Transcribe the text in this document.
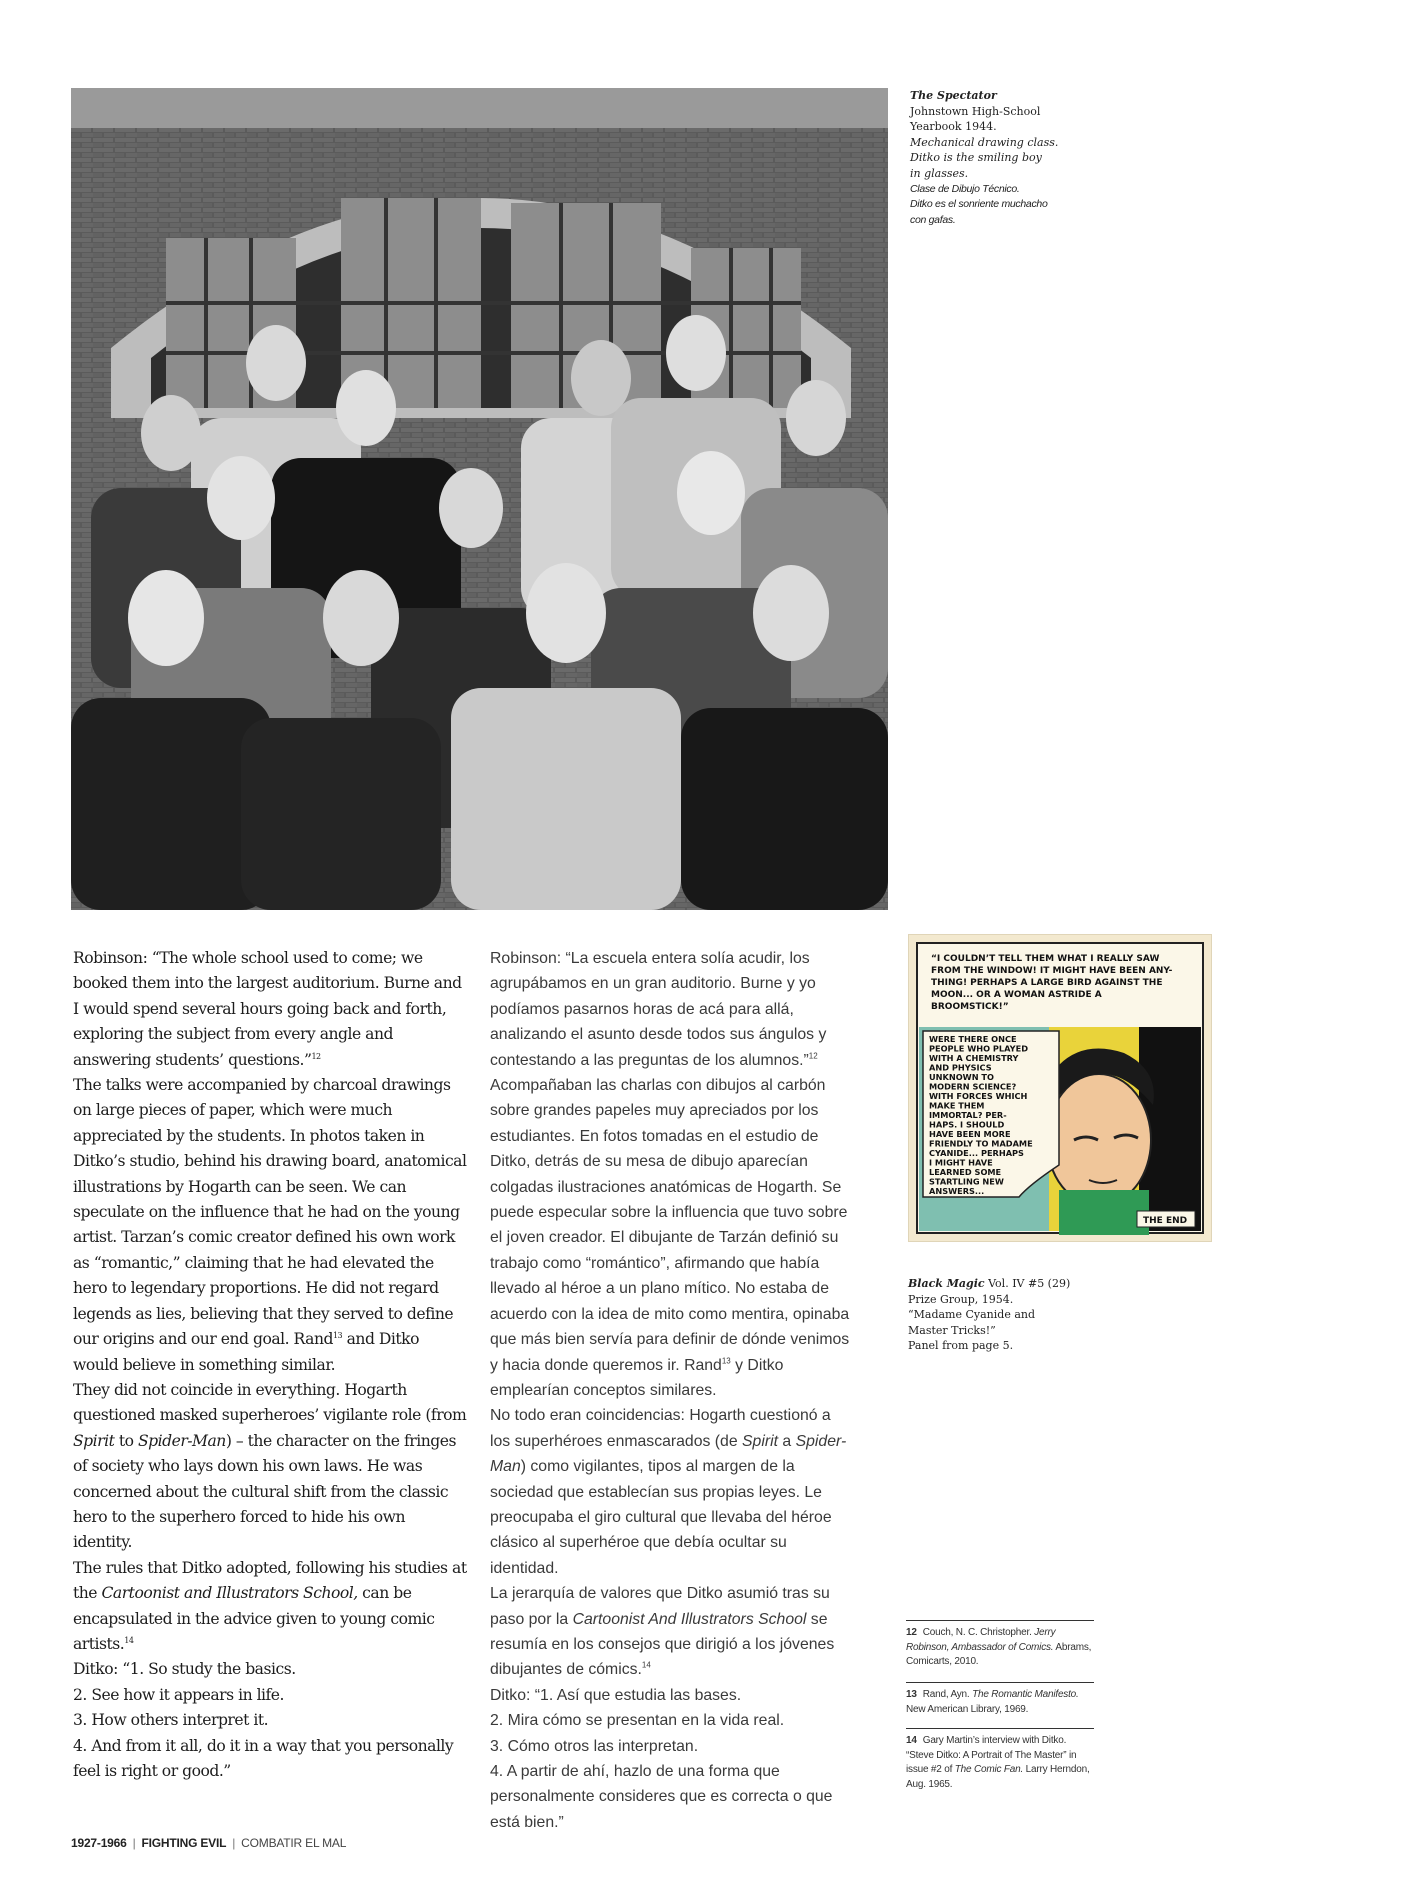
The Spectator
Johnstown High-School
Yearbook 1944.
Mechanical drawing class.
Ditko is the smiling boy
in glasses.
Clase de Dibujo Técnico.
Ditko es el sonriente muchacho
con gafas.

Robinson: “The whole school used to come; we booked them into the largest auditorium. Burne and I would spend several hours going back and forth, exploring the subject from every angle and answering students’ questions.”$^{12}$

The talks were accompanied by charcoal drawings on large pieces of paper, which were much appreciated by the students. In photos taken in Ditko’s studio, behind his drawing board, anatomical illustrations by Hogarth can be seen. We can speculate on the influence that he had on the young artist. Tarzan’s comic creator defined his own work as “romantic,” claiming that he had elevated the hero to legendary proportions. He did not regard legends as lies, believing that they served to define our origins and our end goal. Rand$^{13}$ and Ditko would believe in something similar.

They did not coincide in everything. Hogarth questioned masked superheroes’ vigilante role (from Spirit to Spider-Man) – the character on the fringes of society who lays down his own laws. He was concerned about the cultural shift from the classic hero to the superhero forced to hide his own identity.

The rules that Ditko adopted, following his studies at the Cartoonist and Illustrators School, can be encapsulated in the advice given to young comic artists.$^{14}$

Ditko: “1. So study the basics.

2. See how it appears in life.

3. How others interpret it.

4. And from it all, do it in a way that you personally feel is right or good.”

Robinson: “La escuela entera solía acudir, los agrupábamos en un gran auditorio. Burne y yo podíamos pasarnos horas de acá para allá, analizando el asunto desde todos sus ángulos y contestando a las preguntas de los alumnos.”$^{12}$

Acompañaban las charlas con dibujos al carbón sobre grandes papeles muy apreciados por los estudiantes. En fotos tomadas en el estudio de Ditko, detrás de su mesa de dibujo aparecían colgadas ilustraciones anatómicas de Hogarth. Se puede especular sobre la influencia que tuvo sobre el joven creador. El dibujante de Tarzán definió su trabajo como “romántico”, afirmando que había llevado al héroe a un plano mítico. No estaba de acuerdo con la idea de mito como mentira, opinaba que más bien servía para definir de dónde venimos y hacia donde queremos ir. Rand$^{13}$ y Ditko emplearían conceptos similares.

No todo eran coincidencias: Hogarth cuestionó a los superhéroes enmascarados (de Spirit a Spider-Man) como vigilantes, tipos al margen de la sociedad que establecían sus propias leyes. Le preocupaba el giro cultural que llevaba del héroe clásico al superhéroe que debía ocultar su identidad.

La jerarquía de valores que Ditko asumió tras su paso por la Cartoonist And Illustrators School se resumía en los consejos que dirigió a los jóvenes dibujantes de cómics.$^{14}$

Ditko: “1. Así que estudia las bases.

2. Mira cómo se presentan en la vida real.

3. Cómo otros las interpretan.

4. A partir de ahí, hazlo de una forma que personalmente consideres que es correcta o que está bien.”

“I COULDN’T TELL THEM WHAT I REALLY SAW
FROM THE WINDOW! IT MIGHT HAVE BEEN ANY-
THING! PERHAPS A LARGE BIRD AGAINST THE
MOON... OR A WOMAN ASTRIDE A
BROOMSTICK!”
WERE THERE ONCE
PEOPLE WHO PLAYED
WITH A CHEMISTRY
AND PHYSICS
UNKNOWN TO
MODERN SCIENCE?
WITH FORCES WHICH
MAKE THEM
IMMORTAL? PER-
HAPS. I SHOULD
HAVE BEEN MORE
FRIENDLY TO MADAME
CYANIDE... PERHAPS
I MIGHT HAVE
LEARNED SOME
STARTLING NEW
ANSWERS...
THE END
Black Magic Vol. IV #5 (29)
Prize Group, 1954.
“Madame Cyanide and
Master Tricks!”
Panel from page 5.
12 Couch, N. C. Christopher. Jerry Robinson, Ambassador of Comics. Abrams, Comicarts, 2010.
13 Rand, Ayn. The Romantic Manifesto. New American Library, 1969.
14 Gary Martin’s interview with Ditko. “Steve Ditko: A Portrait of The Master” in issue #2 of The Comic Fan. Larry Herndon, Aug. 1965.
1927-1966 | FIGHTING EVIL | COMBATIR EL MAL
